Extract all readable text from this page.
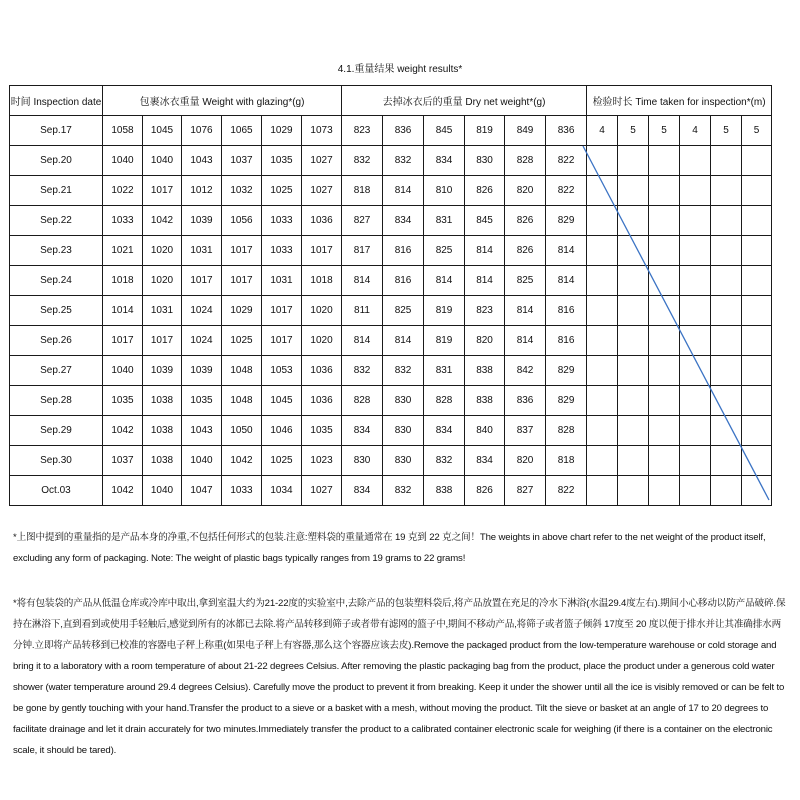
4.1.重量结果 weight results*
时间 Inspection date	包裹冰衣重量 Weight with glazing*(g)						去掉冰衣后的重量 Dry net weight*(g)						检验时长 Time taken for inspection*(m)					
Sep.17	1058	1045	1076	1065	1029	1073	823	836	845	819	849	836	4	5	5	4	5	5
Sep.20	1040	1040	1043	1037	1035	1027	832	832	834	830	828	822						
Sep.21	1022	1017	1012	1032	1025	1027	818	814	810	826	820	822						
Sep.22	1033	1042	1039	1056	1033	1036	827	834	831	845	826	829						
Sep.23	1021	1020	1031	1017	1033	1017	817	816	825	814	826	814						
Sep.24	1018	1020	1017	1017	1031	1018	814	816	814	814	825	814						
Sep.25	1014	1031	1024	1029	1017	1020	811	825	819	823	814	816						
Sep.26	1017	1017	1024	1025	1017	1020	814	814	819	820	814	816						
Sep.27	1040	1039	1039	1048	1053	1036	832	832	831	838	842	829						
Sep.28	1035	1038	1035	1048	1045	1036	828	830	828	838	836	829						
Sep.29	1042	1038	1043	1050	1046	1035	834	830	834	840	837	828						
Sep.30	1037	1038	1040	1042	1025	1023	830	830	832	834	820	818						
Oct.03	1042	1040	1047	1033	1034	1027	834	832	838	826	827	822						

*上图中提到的重量指的是产品本身的净重,不包括任何形式的包装.注意:塑料袋的重量通常在 19 克到 22 克之间！The weights in above chart refer to the net weight of the product itself, excluding any form of packaging. Note: The weight of plastic bags typically ranges from 19 grams to 22 grams!

*将有包装袋的产品从低温仓库或冷库中取出,拿到室温大约为21-22度的实验室中,去除产品的包装塑料袋后,将产品放置在充足的冷水下淋浴(水温29.4度左右).期间小心移动以防产品破碎.保持在淋浴下,直到看到或使用手轻触后,感觉到所有的冰都已去除.将产品转移到筛子或者带有滤网的篮子中,期间不移动产品,将筛子或者篮子倾斜 17度至 20 度以便于排水并让其准确排水两分钟.立即将产品转移到已校准的容器电子秤上称重(如果电子秤上有容器,那么这个容器应该去皮).Remove the packaged product from the low-temperature warehouse or cold storage and bring it to a laboratory with a room temperature of about 21-22 degrees Celsius. After removing the plastic packaging bag from the product, place the product under a generous cold water shower (water temperature around 29.4 degrees Celsius). Carefully move the product to prevent it from breaking. Keep it under the shower until all the ice is visibly removed or can be felt to be gone by gently touching with your hand.Transfer the product to a sieve or a basket with a mesh, without moving the product. Tilt the sieve or basket at an angle of 17 to 20 degrees to facilitate drainage and let it drain accurately for two minutes.Immediately transfer the product to a calibrated container electronic scale for weighing (if there is a container on the electronic scale, it should be tared).
